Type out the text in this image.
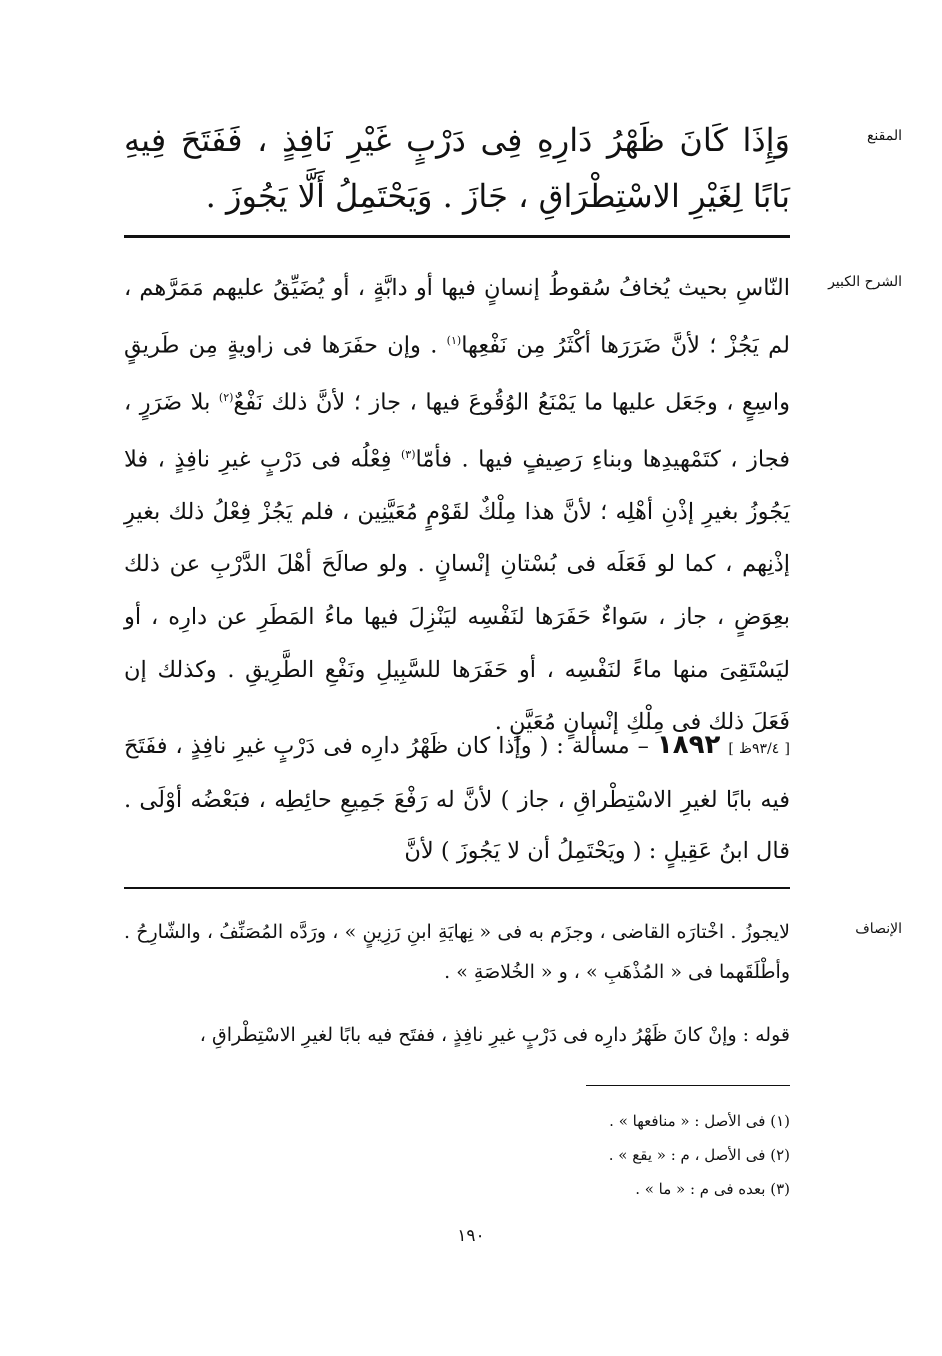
المقنع
وَإِذَا كَانَ ظَهْرُ دَارِهِ فِى دَرْبٍ غَيْرِ نَافِذٍ ، فَفَتَحَ فِيهِ بَابًا لِغَيْرِ الاسْتِطْرَاقِ ، جَازَ . وَيَحْتَمِلُ أَلَّا يَجُوزَ .
الشرح الكبير
النّاسِ بحيث يُخافُ سُقوطُ إنسانٍ فيها أو دابَّةٍ ، أو يُضَيِّقُ عليهم مَمَرَّهم ، لم يَجُزْ ؛ لأنَّ ضَرَرَها أكْثَرُ مِن نَفْعِها$^{(١)}$ . وإن حفَرَها فى زاويةٍ مِن طَريقٍ واسِعٍ ، وجَعَل عليها ما يَمْنَعُ الوُقُوعَ فيها ، جاز ؛ لأنَّ ذلك نَفْعٌ$^{(٢)}$ بلا ضَرَرٍ ، فجاز ، كتَمْهيدِها وبناءِ رَصِيفٍ فيها . فأمّا$^{(٣)}$ فِعْلُه فى دَرْبٍ غيرِ نافِذٍ ، فلا يَجُوزُ بغيرِ إذْنِ أهْلِه ؛ لأنَّ هذا مِلْكٌ لقَوْمٍ مُعَيَّنِين ، فلم يَجُزْ فِعْلُ ذلك بغيرِ إذْنِهم ، كما لو فَعَلَه فى بُسْتانِ إنْسانٍ . ولو صالَحَ أهْلَ الدَّرْبِ عن ذلك بعِوَضٍ ، جاز ، سَواءٌ حَفَرَها لنَفْسِه ليَنْزِلَ فيها ماءُ المَطَرِ عن دارِه ، أو ليَسْتَقِىَ منها ماءً لنَفْسِه ، أو حَفَرَها للسَّبِيلِ ونَفْعِ الطَّرِيقِ . وكذلك إن فَعَلَ ذلك فى مِلْكِ إنْسانٍ مُعَيَّنٍ .
[ ٩٣/٤ظ ] ١٨٩٢ – مسألة : ( وإذا كان ظَهْرُ دارِه فى دَرْبٍ غيرِ نافِذٍ ، ففَتَحَ فيه بابًا لغيرِ الاسْتِطْراقِ ، جاز ) لأنَّ له رَفْعَ جَمِيعِ حائِطِه ، فبَعْضُه أوْلَى . قال ابنُ عَقِيلٍ : ( ويَحْتَمِلُ أن لا يَجُوزَ ) لأنَّ
الإنصاف
لايجوزُ . اخْتارَه القاضى ، وجزَم به فى « نِهايَةِ ابنِ رَزِينٍ » ، ورَدَّه المُصَنِّفُ ، والشّارِحُ . وأطْلَقَهما فى « المُذْهَبِ » ، و « الخُلاصَةِ » .
قوله : وإنْ كانَ ظَهْرُ دارِه فى دَرْبٍ غيرِ نافِذٍ ، ففتَح فيه بابًا لغيرِ الاسْتِطْراقِ ،
(١) فى الأصل : « منافعها » .
(٢) فى الأصل ، م : « يقع » .
(٣) بعده فى م : « ما » .
١٩٠
